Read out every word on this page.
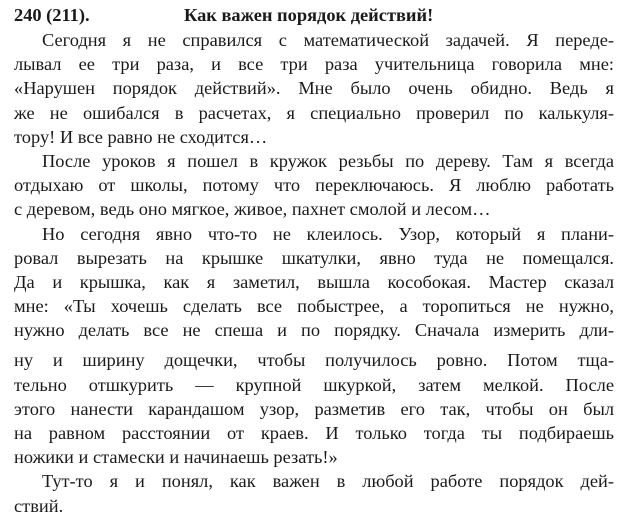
240 (211).	Как важен порядок действий!
Сегодня я не справился с математической задачей. Я переде-
лывал ее три раза, и все три раза учительница говорила мне:
«Нарушен порядок действий». Мне было очень обидно. Ведь я
же не ошибался в расчетах, я специально проверил по калькуля-
тору! И все равно не сходится…
После уроков я пошел в кружок резьбы по дереву. Там я всегда
отдыхаю от школы, потому что переключаюсь. Я люблю работать
с деревом, ведь оно мягкое, живое, пахнет смолой и лесом…
Но сегодня явно что-то не клеилось. Узор, который я плани-
ровал вырезать на крышке шкатулки, явно туда не помещался.
Да и крышка, как я заметил, вышла кособокая. Мастер сказал
мне: «Ты хочешь сделать все побыстрее, а торопиться не нужно,
нужно делать все не спеша и по порядку. Сначала измерить дли-
ну и ширину дощечки, чтобы получилось ровно. Потом тща-
тельно отшкурить — крупной шкуркой, затем мелкой. После
этого нанести карандашом узор, разметив его так, чтобы он был
на равном расстоянии от краев. И только тогда ты подбираешь
ножики и стамески и начинаешь резать!»
Тут-то я и понял, как важен в любой работе порядок дей-
ствий.
